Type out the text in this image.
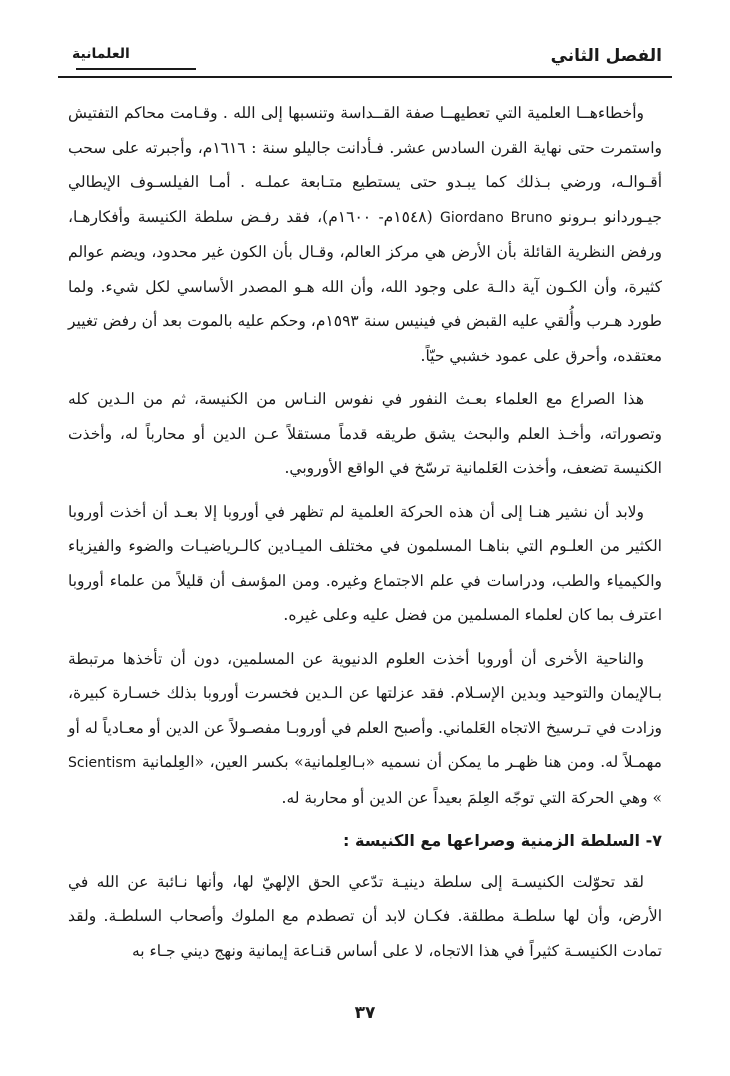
الفصل الثاني
العلمانية

وأخطاءهــا العلمية التي تعطيهــا صفة القــداسة وتنسبها إلى الله . وقـامت محاكم التفتيش واستمرت حتى نهاية القرن السادس عشر. فـأدانت جاليلو سنة : ١٦١٦م، وأجبرته على سحب أقـوالـه، ورضي بـذلك كما يبـدو حتى يستطيع متـابعة عملـه . أمـا الفيلسـوف الإيطالي جيـوردانو بـرونو Giordano Bruno (١٥٤٨م- ١٦٠٠م)، فقد رفـض سلطة الكنيسة وأفكارهـا، ورفض النظرية القائلة بأن الأرض هي مركز العالم، وقـال بأن الكون غير محدود، ويضم عوالم كثيرة، وأن الكـون آية دالـة على وجود الله، وأن الله هـو المصدر الأساسي لكل شيء. ولما طورد هـرب وأُلقي عليه القبض في فينيس سنة ١٥٩٣م، وحكم عليه بالموت بعد أن رفض تغيير معتقده، وأحرق على عمود خشبي حيّاً.

هذا الصراع مع العلماء بعـث النفور في نفوس النـاس من الكنيسة، ثم من الـدين كله وتصوراته، وأخـذ العلم والبحث يشق طريقه قدماً مستقلاً عـن الدين أو محارباً له، وأخذت الكنيسة تضعف، وأخذت العَلمانية ترسّخ في الواقع الأوروبي.

ولابد أن نشير هنـا إلى أن هذه الحركة العلمية لم تظهر في أوروبا إلا بعـد أن أخذت أوروبا الكثير من العلـوم التي بناهـا المسلمون في مختلف الميـادين كالـرياضيـات والضوء والفيزياء والكيمياء والطب، ودراسات في علم الاجتماع وغيره. ومن المؤسف أن قليلاً من علماء أوروبا اعترف بما كان لعلماء المسلمين من فضل عليه وعلى غيره.

والناحية الأخرى أن أوروبا أخذت العلوم الدنيوية عن المسلمين، دون أن تأخذها مرتبطة بـالإيمان والتوحيد وبدين الإسـلام. فقد عزلتها عن الـدين فخسرت أوروبا بذلك خسـارة كبيرة، وزادت في تـرسيخ الاتجاه العَلماني. وأصبح العلم في أوروبـا مفصـولاً عن الدين أو معـادياً له أو مهمـلاً له. ومن هنا ظهـر ما يمكن أن نسميه «بـالعِلمانية» بكسر العين، «العِلمانية Scientism » وهي الحركة التي توجّه العِلمَ بعيداً عن الدين أو محاربة له.

٧- السلطة الزمنية وصراعها مع الكنيسة :

لقد تحوّلت الكنيسـة إلى سلطة دينيـة تدّعي الحق الإلهيّ لها، وأنها نـائبة عن الله في الأرض، وأن لها سلطـة مطلقة. فكـان لابد أن تصطدم مع الملوك وأصحاب السلطـة. ولقد تمادت الكنيسـة كثيراً في هذا الاتجاه، لا على أساس قنـاعة إيمانية ونهج ديني جـاء به

٣٧
